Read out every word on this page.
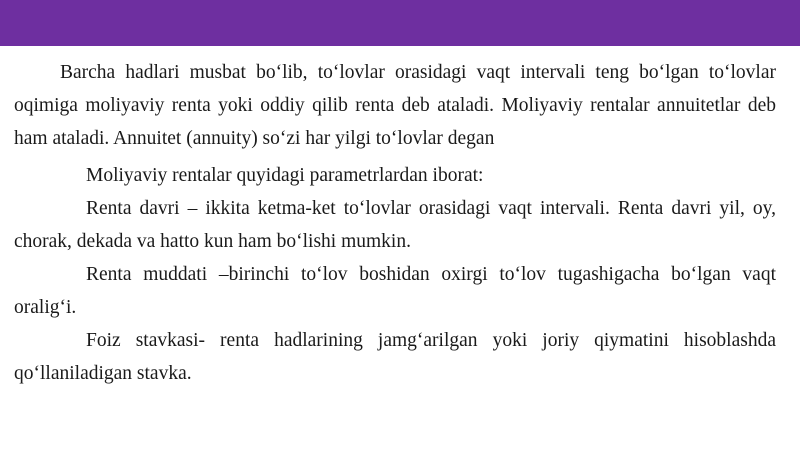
Barcha hadlari musbat bo‘lib, to‘lovlar orasidagi vaqt intervali teng bo‘lgan to‘lovlar oqimiga moliyaviy renta yoki oddiy qilib renta deb ataladi. Moliyaviy rentalar annuitetlar deb ham ataladi. Annuitet (annuity) so‘zi har yilgi to‘lovlar degan

Moliyaviy rentalar quyidagi parametrlardan iborat:

Renta davri – ikkita ketma-ket to‘lovlar orasidagi vaqt intervali. Renta davri yil, oy, chorak, dekada va hatto kun ham bo‘lishi mumkin.

Renta muddati –birinchi to‘lov boshidan oxirgi to‘lov tugashigacha bo‘lgan vaqt oralig‘i.

Foiz stavkasi- renta hadlarining jamg‘arilgan yoki joriy qiymatini hisoblashda qo‘llaniladigan stavka.
